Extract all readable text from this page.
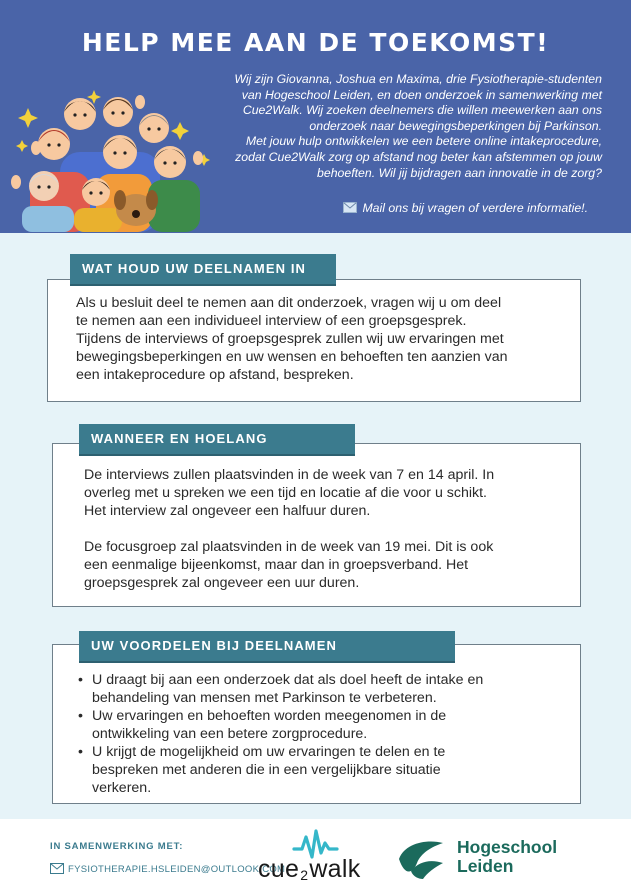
HELP MEE AAN DE TOEKOMST!
Wij zijn Giovanna, Joshua en Maxima, drie Fysiotherapie-studenten
van Hogeschool Leiden, en doen onderzoek in samenwerking met
Cue2Walk. Wij zoeken deelnemers die willen meewerken aan ons
onderzoek naar bewegingsbeperkingen bij Parkinson.
Met jouw hulp ontwikkelen we een betere online intakeprocedure,
zodat Cue2Walk zorg op afstand nog beter kan afstemmen op jouw
behoeften. Wil jij bijdragen aan innovatie in de zorg?
Mail ons bij vragen of verdere informatie!.
WAT HOUD UW DEELNAMEN IN
Als u besluit deel te nemen aan dit onderzoek, vragen wij u om deel
te nemen aan een individueel interview of een groepsgesprek.
Tijdens de interviews of groepsgesprek zullen wij uw ervaringen met
bewegingsbeperkingen en uw wensen en behoeften ten aanzien van
een intakeprocedure op afstand, bespreken.
WANNEER EN HOELANG

De interviews zullen plaatsvinden in de week van 7 en 14 april. In
overleg met u spreken we een tijd en locatie af die voor u schikt.
Het interview zal ongeveer een halfuur duren.

De focusgroep zal plaatsvinden in de week van 19 mei. Dit is ook
een eenmalige bijeenkomst, maar dan in groepsverband. Het
groepsgesprek zal ongeveer een uur duren.

UW VOORDELEN BIJ DEELNAMEN
• U draagt bij aan een onderzoek dat als doel heeft de intake en
behandeling van mensen met Parkinson te verbeteren.
• Uw ervaringen en behoeften worden meegenomen in de
ontwikkeling van een betere zorgprocedure.
• U krijgt de mogelijkheid om uw ervaringen te delen en te
bespreken met anderen die in een vergelijkbare situatie
verkeren.
IN SAMENWERKING MET:
FYSIOTHERAPIE.HSLEIDEN@OUTLOOK.COM
cue2walk
Hogeschool
Leiden
